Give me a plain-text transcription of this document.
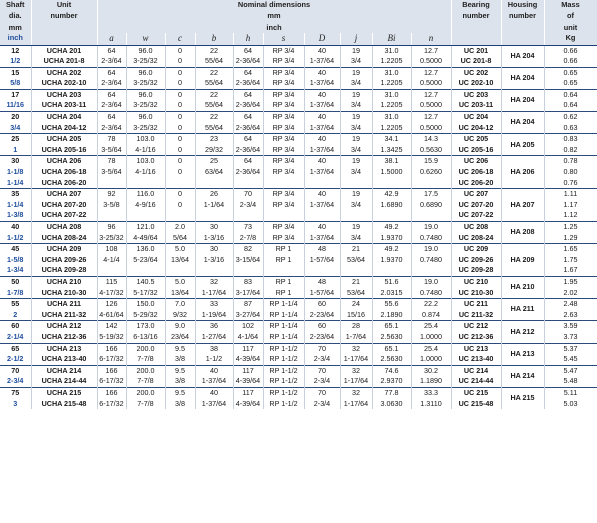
Shaft	Unit	Nominal dimensions										Bearing	Housing	Mass
dia.	number	mm										number	number	of
mm		inch												unit
inch		a	w	c	b	h	s	D	j	Bi	n			Kg
12	UCHA 201	64	96.0	0	22	64	RP 3/4	40	19	31.0	12.7	UC 201	HA 204	0.66
1/2	UCHA 201-8	2-3/64	3-25/32	0	55/64	2-36/64	RP 3/4	1-37/64	3/4	1.2205	0.5000	UC 201-8		0.66
15	UCHA 202	64	96.0	0	22	64	RP 3/4	40	19	31.0	12.7	UC 202	HA 204	0.65
5/8	UCHA 202-10	2-3/64	3-25/32	0	55/64	2-36/64	RP 3/4	1-37/64	3/4	1.2205	0.5000	UC 202-10		0.65
17	UCHA 203	64	96.0	0	22	64	RP 3/4	40	19	31.0	12.7	UC 203	HA 204	0.64
11/16	UCHA 203-11	2-3/64	3-25/32	0	55/64	2-36/64	RP 3/4	1-37/64	3/4	1.2205	0.5000	UC 203-11		0.64
20	UCHA 204	64	96.0	0	22	64	RP 3/4	40	19	31.0	12.7	UC 204	HA 204	0.62
3/4	UCHA 204-12	2-3/64	3-25/32	0	55/64	2-36/64	RP 3/4	1-37/64	3/4	1.2205	0.5000	UC 204-12		0.63
25	UCHA 205	78	103.0	0	23	64	RP 3/4	40	19	34.1	14.3	UC 205	HA 205	0.83
1	UCHA 205-16	3-5/64	4-1/16	0	29/32	2-36/64	RP 3/4	1-37/64	3/4	1.3425	0.5630	UC 205-16		0.82
30	UCHA 206	78	103.0	0	25	64	RP 3/4	40	19	38.1	15.9	UC 206	HA 206	0.78
1-1/8	UCHA 206-18	3-5/64	4-1/16	0	63/64	2-36/64	RP 3/4	1-37/64	3/4	1.5000	0.6260	UC 206-18		0.80
1-1/4	UCHA 206-20											UC 206-20		0.76
35	UCHA 207	92	116.0	0	26	70	RP 3/4	40	19	42.9	17.5	UC 207	HA 207	1.11
1-1/4	UCHA 207-20	3-5/8	4-9/16	0	1-1/64	2-3/4	RP 3/4	1-37/64	3/4	1.6890	0.6890	UC 207-20		1.17
1-3/8	UCHA 207-22											UC 207-22		1.12
40	UCHA 208	96	121.0	2.0	30	73	RP 3/4	40	19	49.2	19.0	UC 208	HA 208	1.25
1-1/2	UCHA 208-24	3-25/32	4-49/64	5/64	1-3/16	2-7/8	RP 3/4	1-37/64	3/4	1.9370	0.7480	UC 208-24		1.29
45	UCHA 209	108	136.0	5.0	30	82	RP 1	48	21	49.2	19.0	UC 209	HA 209	1.65
1-5/8	UCHA 209-26	4-1/4	5-23/64	13/64	1-3/16	3-15/64	RP 1	1-57/64	53/64	1.9370	0.7480	UC 209-26		1.75
1-3/4	UCHA 209-28											UC 209-28		1.67
50	UCHA 210	115	140.5	5.0	32	83	RP 1	48	21	51.6	19.0	UC 210	HA 210	1.95
1-7/8	UCHA 210-30	4-17/32	5-17/32	13/64	1-17/64	3-17/64	RP 1	1-57/64	53/64	2.0315	0.7480	UC 210-30		2.02
55	UCHA 211	126	150.0	7.0	33	87	RP 1-1/4	60	24	55.6	22.2	UC 211	HA 211	2.48
2	UCHA 211-32	4-61/64	5-29/32	9/32	1-19/64	3-27/64	RP 1-1/4	2-23/64	15/16	2.1890	0.874	UC 211-32		2.63
60	UCHA 212	142	173.0	9.0	36	102	RP 1-1/4	60	28	65.1	25.4	UC 212	HA 212	3.59
2-1/4	UCHA 212-36	5-19/32	6-13/16	23/64	1-27/64	4-1/64	RP 1-1/4	2-23/64	1-7/64	2.5630	1.0000	UC 212-36		3.73
65	UCHA 213	166	200.0	9.5	38	117	RP 1-1/2	70	32	65.1	25.4	UC 213	HA 213	5.37
2-1/2	UCHA 213-40	6-17/32	7-7/8	3/8	1-1/2	4-39/64	RP 1-1/2	2-3/4	1-17/64	2.5630	1.0000	UC 213-40		5.45
70	UCHA 214	166	200.0	9.5	40	117	RP 1-1/2	70	32	74.6	30.2	UC 214	HA 214	5.47
2-3/4	UCHA 214-44	6-17/32	7-7/8	3/8	1-37/64	4-39/64	RP 1-1/2	2-3/4	1-17/64	2.9370	1.1890	UC 214-44		5.48
75	UCHA 215	166	200.0	9.5	40	117	RP 1-1/2	70	32	77.8	33.3	UC 215	HA 215	5.11
3	UCHA 215-48	6-17/32	7-7/8	3/8	1-37/64	4-39/64	RP 1-1/2	2-3/4	1-17/64	3.0630	1.3110	UC 215-48		5.03
